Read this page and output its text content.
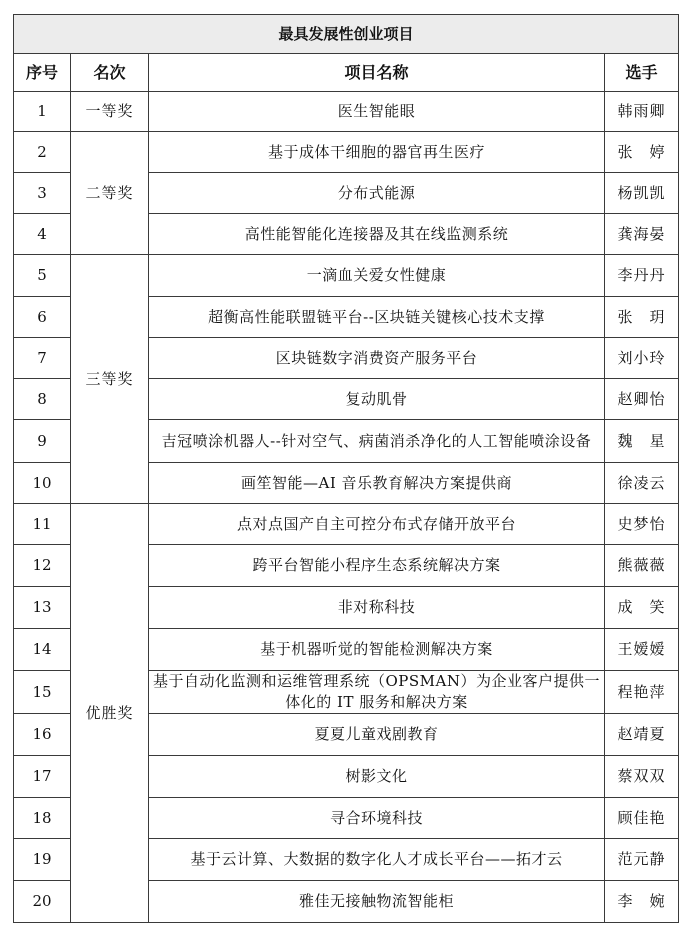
最具发展性创业项目			
序号	名次	项目名称	选手
1	一等奖	医生智能眼	韩雨卿
2	二等奖	基于成体干细胞的器官再生医疗	张　婷
3		分布式能源	杨凯凯
4		高性能智能化连接器及其在线监测系统	龚海晏
5	三等奖	一滴血关爱女性健康	李丹丹
6		超衡高性能联盟链平台--区块链关键核心技术支撑	张　玥
7		区块链数字消费资产服务平台	刘小玲
8		复动肌骨	赵卿怡
9		吉冠喷涂机器人--针对空气、病菌消杀净化的人工智能喷涂设备	魏　星
10		画笙智能—AI 音乐教育解决方案提供商	徐凌云
11	优胜奖	点对点国产自主可控分布式存储开放平台	史梦怡
12		跨平台智能小程序生态系统解决方案	熊薇薇
13		非对称科技	成　笑
14		基于机器听觉的智能检测解决方案	王嫒嫒
15		基于自动化监测和运维管理系统（OPSMAN）为企业客户提供一体化的 IT 服务和解决方案	程艳萍
16		夏夏儿童戏剧教育	赵靖夏
17		树影文化	蔡双双
18		寻合环境科技	顾佳艳
19		基于云计算、大数据的数字化人才成长平台——拓才云	范元静
20		雅佳无接触物流智能柜	李　婉
